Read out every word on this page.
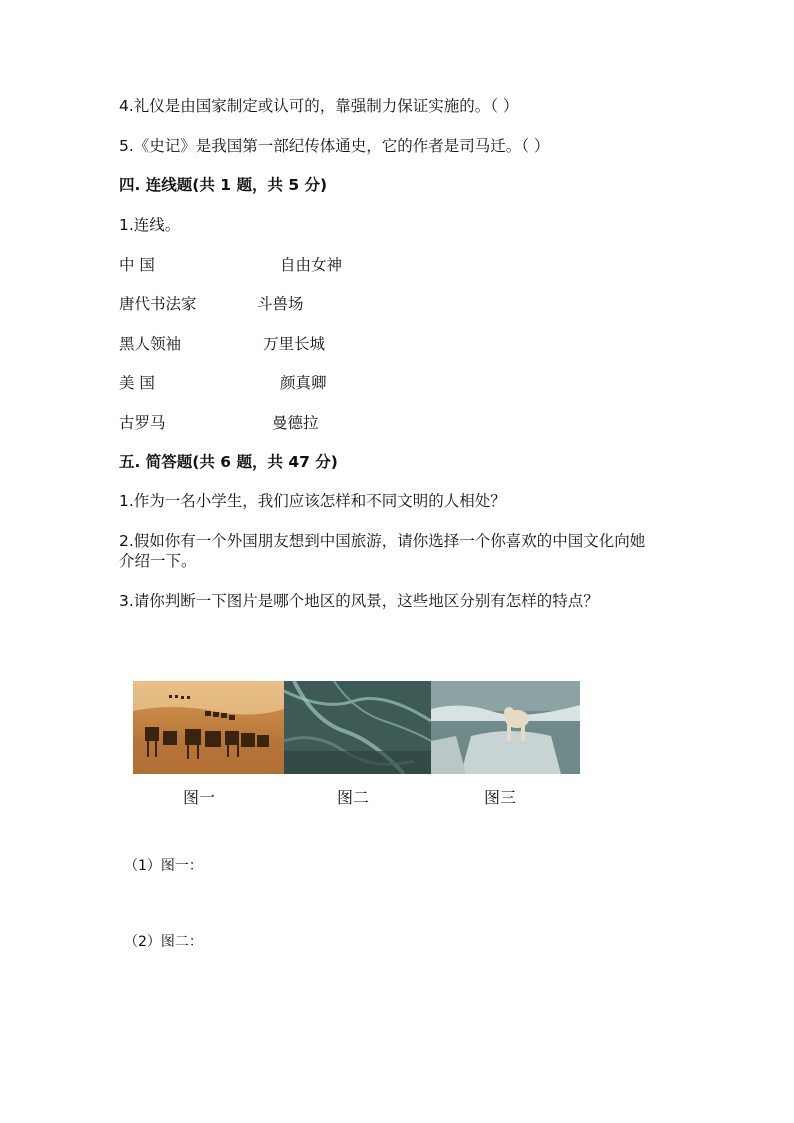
4.礼仪是由国家制定或认可的，靠强制力保证实施的。（ ）
5.《史记》是我国第一部纪传体通史，它的作者是司马迁。（ ）
四. 连线题(共 1 题，共 5 分)
1.连线。
中 国	自由女神
唐代书法家	斗兽场
黑人领袖	万里长城
美 国	颜真卿
古罗马	曼德拉
五. 简答题(共 6 题，共 47 分)
1.作为一名小学生，我们应该怎样和不同文明的人相处？
2.假如你有一个外国朋友想到中国旅游，请你选择一个你喜欢的中国文化向她
介绍一下。
3.请你判断一下图片是哪个地区的风景，这些地区分别有怎样的特点？
图一	图二	图三
（1）图一：
（2）图二：
